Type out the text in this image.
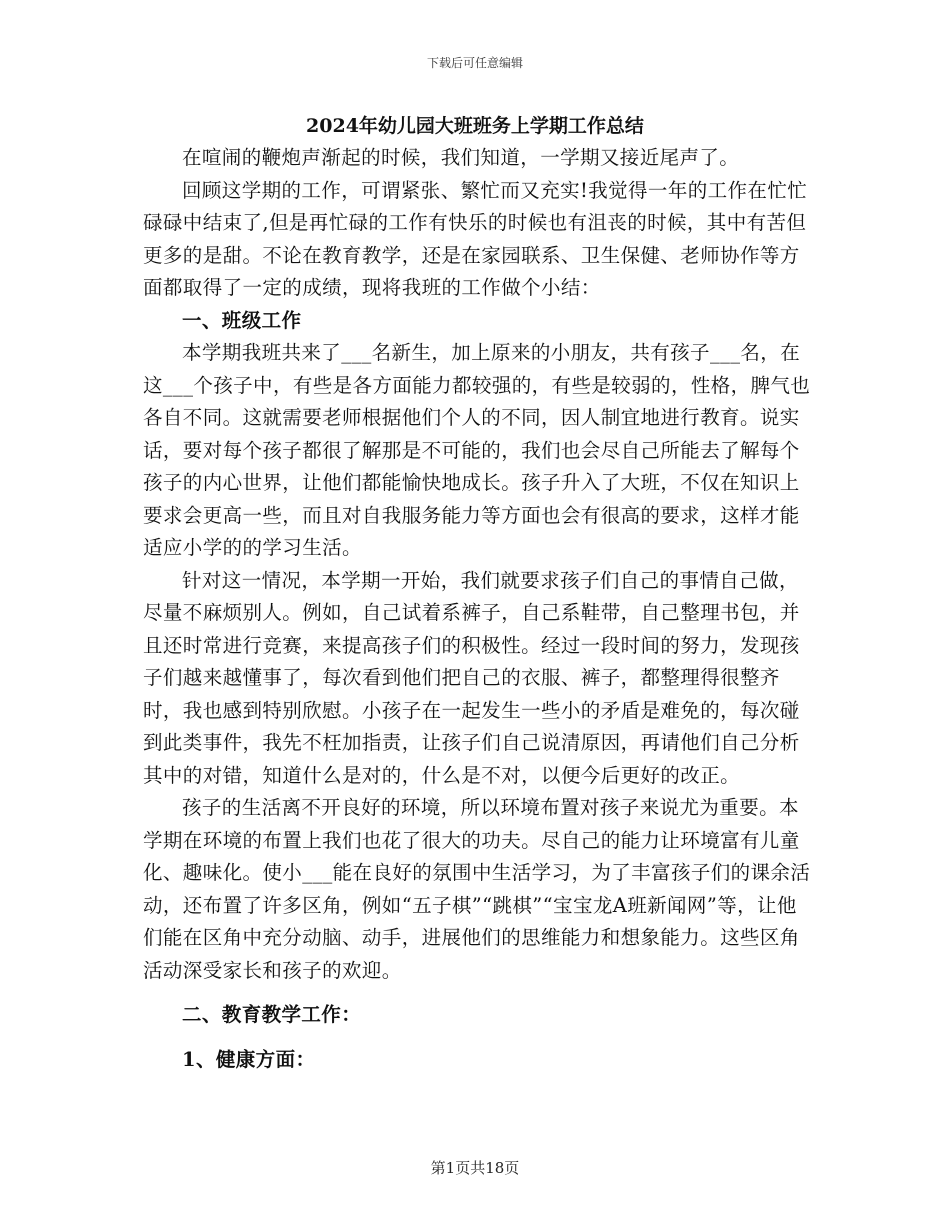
下载后可任意编辑
2024年幼儿园大班班务上学期工作总结

在喧闹的鞭炮声渐起的时候，我们知道，一学期又接近尾声了。

回顾这学期的工作，可谓紧张、繁忙而又充实!我觉得一年的工作在忙忙碌碌中结束了,但是再忙碌的工作有快乐的时候也有沮丧的时候，其中有苦但更多的是甜。不论在教育教学，还是在家园联系、卫生保健、老师协作等方面都取得了一定的成绩，现将我班的工作做个小结：

一、班级工作

本学期我班共来了___名新生，加上原来的小朋友，共有孩子___名，在这___个孩子中，有些是各方面能力都较强的，有些是较弱的，性格，脾气也各自不同。这就需要老师根据他们个人的不同，因人制宜地进行教育。说实话，要对每个孩子都很了解那是不可能的，我们也会尽自己所能去了解每个孩子的内心世界，让他们都能愉快地成长。孩子升入了大班，不仅在知识上要求会更高一些，而且对自我服务能力等方面也会有很高的要求，这样才能适应小学的的学习生活。

针对这一情况，本学期一开始，我们就要求孩子们自己的事情自己做，尽量不麻烦别人。例如，自己试着系裤子，自己系鞋带，自己整理书包，并且还时常进行竞赛，来提高孩子们的积极性。经过一段时间的努力，发现孩子们越来越懂事了，每次看到他们把自己的衣服、裤子，都整理得很整齐时，我也感到特别欣慰。小孩子在一起发生一些小的矛盾是难免的，每次碰到此类事件，我先不枉加指责，让孩子们自己说清原因，再请他们自己分析其中的对错，知道什么是对的，什么是不对，以便今后更好的改正。

孩子的生活离不开良好的环境，所以环境布置对孩子来说尤为重要。本学期在环境的布置上我们也花了很大的功夫。尽自己的能力让环境富有儿童化、趣味化。使小___能在良好的氛围中生活学习，为了丰富孩子们的课余活动，还布置了许多区角，例如“五子棋”“跳棋”“宝宝龙A班新闻网”等，让他们能在区角中充分动脑、动手，进展他们的思维能力和想象能力。这些区角活动深受家长和孩子的欢迎。

二、教育教学工作：

1、健康方面：

第1页共18页
